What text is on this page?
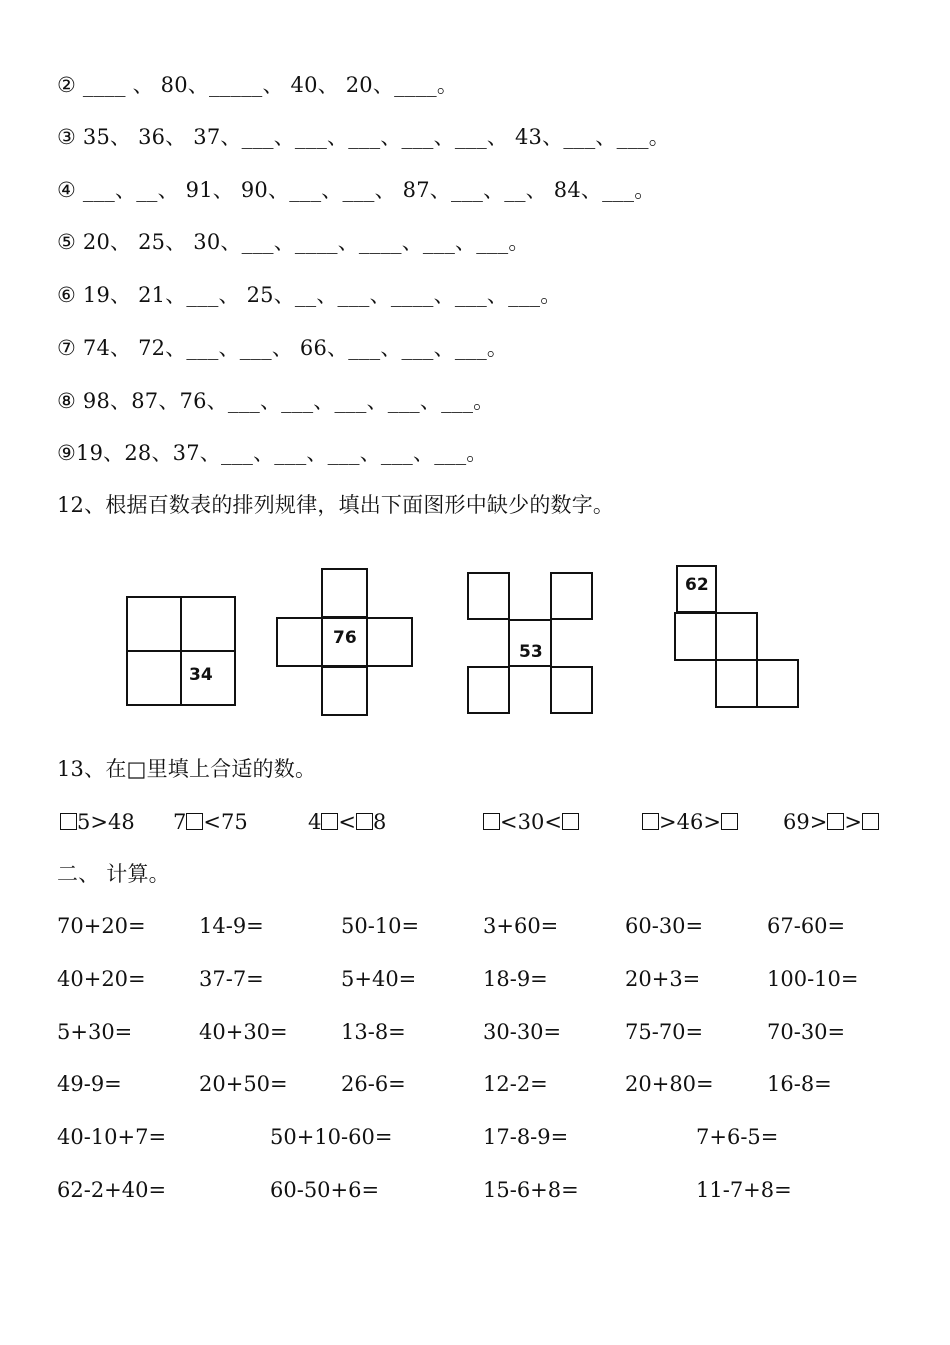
② ____ 、 80、_____、 40、 20、____。
③ 35、 36、 37、___、___、___、___、___、 43、___、___。
④ ___、__、 91、 90、___、___、 87、___、__、 84、___。
⑤ 20、 25、 30、___、____、____、___、___。
⑥ 19、 21、___、 25、__、___、____、___、___。
⑦ 74、 72、___、___、 66、___、___、___。
⑧ 98、87、76、___、___、___、___、___。
⑨19、28、37、___、___、___、___、___。
12、根据百数表的排列规律，填出下面图形中缺少的数字。
34
76
53
62
13、在□里填上合适的数。
5>48 7 <75	4 < 8	<30<	>46>	69> >
二、 计算。
70+20=	14-9=	50-10=	3+60=	60-30=	67-60=
40+20=	37-7=	5+40=	18-9=	20+3=	100-10=
5+30=	40+30=	13-8=	30-30=	75-70=	70-30=
49-9=	20+50=	26-6=	12-2=	20+80=	16-8=
40-10+7=	50+10-60=	17-8-9=	7+6-5=
62-2+40=	60-50+6=	15-6+8=	11-7+8=
